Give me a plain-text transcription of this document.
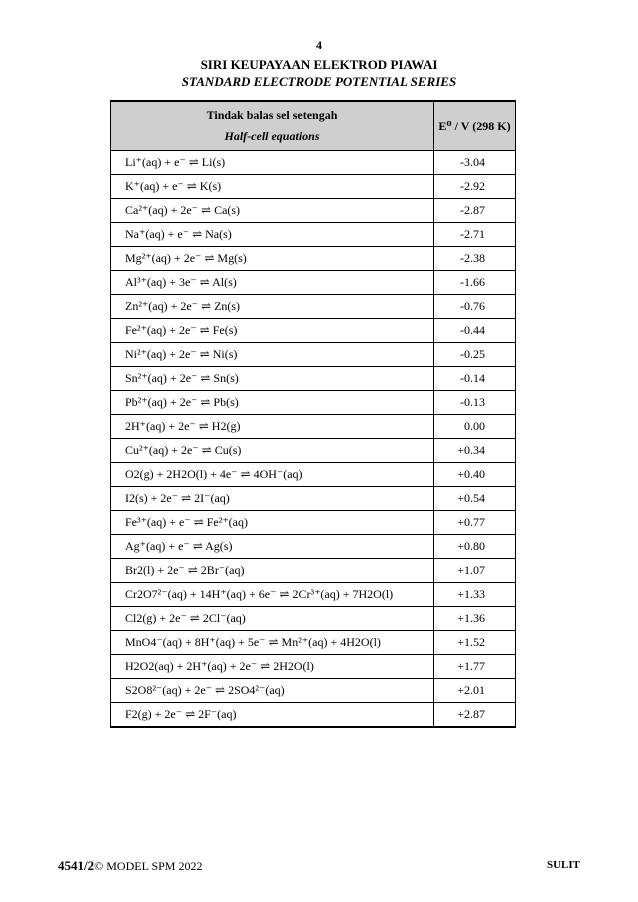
4
SIRI KEUPAYAAN ELEKTROD PIAWAI
STANDARD ELECTRODE POTENTIAL SERIES
Tindak balas sel setengah
Half-cell equations	E⁰ / V (298 K)
Li⁺(aq) + e⁻ ⇌ Li(s)	-3.04
K⁺(aq) + e⁻ ⇌ K(s)	-2.92
Ca²⁺(aq) + 2e⁻ ⇌ Ca(s)	-2.87
Na⁺(aq) + e⁻ ⇌ Na(s)	-2.71
Mg²⁺(aq) + 2e⁻ ⇌ Mg(s)	-2.38
Al³⁺(aq) + 3e⁻ ⇌ Al(s)	-1.66
Zn²⁺(aq) + 2e⁻ ⇌ Zn(s)	-0.76
Fe²⁺(aq) + 2e⁻ ⇌ Fe(s)	-0.44
Ni²⁺(aq) + 2e⁻ ⇌ Ni(s)	-0.25
Sn²⁺(aq) + 2e⁻ ⇌ Sn(s)	-0.14
Pb²⁺(aq) + 2e⁻ ⇌ Pb(s)	-0.13
2H⁺(aq) + 2e⁻ ⇌ H2(g)	0.00
Cu²⁺(aq) + 2e⁻ ⇌ Cu(s)	+0.34
O2(g) + 2H2O(l) + 4e⁻ ⇌ 4OH⁻(aq)	+0.40
I2(s) + 2e⁻ ⇌ 2I⁻(aq)	+0.54
Fe³⁺(aq) + e⁻ ⇌ Fe²⁺(aq)	+0.77
Ag⁺(aq) + e⁻ ⇌ Ag(s)	+0.80
Br2(l) + 2e⁻ ⇌ 2Br⁻(aq)	+1.07
Cr2O7²⁻(aq) + 14H⁺(aq) + 6e⁻ ⇌ 2Cr³⁺(aq) + 7H2O(l)	+1.33
Cl2(g) + 2e⁻ ⇌ 2Cl⁻(aq)	+1.36
MnO4⁻(aq) + 8H⁺(aq) + 5e⁻ ⇌ Mn²⁺(aq) + 4H2O(l)	+1.52
H2O2(aq) + 2H⁺(aq) + 2e⁻ ⇌ 2H2O(l)	+1.77
S2O8²⁻(aq) + 2e⁻ ⇌ 2SO4²⁻(aq)	+2.01
F2(g) + 2e⁻ ⇌ 2F⁻(aq)	+2.87
4541/2© MODEL SPM 2022	SULIT
